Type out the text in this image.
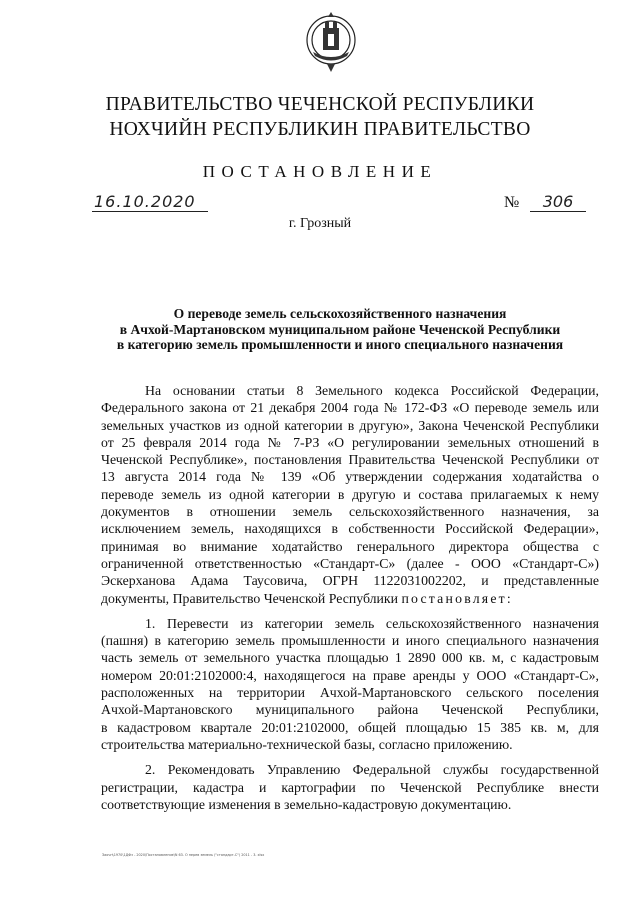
ПРАВИТЕЛЬСТВО ЧЕЧЕНСКОЙ РЕСПУБЛИКИ
НОХЧИЙН РЕСПУБЛИКИН ПРАВИТЕЛЬСТВО
ПОСТАНОВЛЕНИЕ
16.10.2020	№	306
г. Грозный
О переводе земель сельскохозяйственного назначения
в Ачхой-Мартановском муниципальном районе Чеченской Республики
в категорию земель промышленности и иного специального назначения

На основании статьи 8 Земельного кодекса Российской Федерации,
Федерального закона от 21 декабря 2004 года № 172-ФЗ «О переводе земель или
земельных участков из одной категории в другую», Закона Чеченской Республики
от 25 февраля 2014 года № 7-РЗ «О регулировании земельных отношений в
Чеченской Республике», постановления Правительства Чеченской Республики от
13 августа 2014 года № 139 «Об утверждении содержания ходатайства о
переводе земель из одной категории в другую и состава прилагаемых к нему
документов в отношении земель сельскохозяйственного назначения, за
исключением земель, находящихся в собственности Российской Федерации»,
принимая во внимание ходатайство генерального директора общества с
ограниченной ответственностью «Стандарт-С» (далее - ООО «Стандарт-С»)
Эскерханова Адама Таусовича, ОГРН 1122031002202, и представленные
документы, Правительство Чеченской Республики постановляет:

1. Перевести из категории земель сельскохозяйственного назначения
(пашня) в категорию земель промышленности и иного специального назначения
часть земель от земельного участка площадью 1 2890 000 кв. м, с кадастровым
номером 20:01:2102000:4, находящегося на праве аренды у ООО «Стандарт-С»,
расположенных на территории Ачхой-Мартановского сельского поселения
Ачхой-Мартановского муниципального района Чеченской Республики,
в кадастровом квартале 20:01:2102000, общей площадью 15 385 кв. м, для
строительства материально-технической базы, согласно приложению.

2. Рекомендовать Управлению Федеральной службы государственной
регистрации, кадастра и картографии по Чеченской Республике внести
соответствующие изменения в земельно-кадастровую документацию.

Заочн\1970\1ДФз - 2020\Постановление\N 63. О перев земель ("стандарт-С") 2011 - 3. xlsx
